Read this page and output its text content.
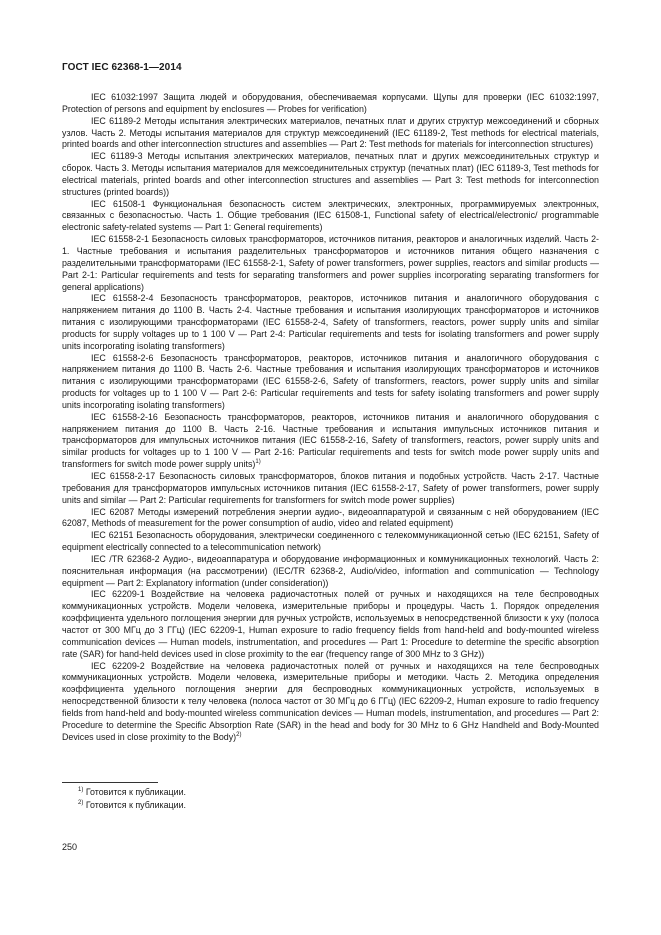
ГОСТ IEC 62368-1—2014

IEC 61032:1997 Защита людей и оборудования, обеспечиваемая корпусами. Щупы для проверки (IEC 61032:1997, Protection of persons and equipment by enclosures — Probes for verification)

IEC 61189-2 Методы испытания электрических материалов, печатных плат и других структур межсоединений и сборных узлов. Часть 2. Методы испытания материалов для структур межсоединений (IEC 61189-2, Test methods for electrical materials, printed boards and other interconnection structures and assemblies — Part 2: Test methods for materials for interconnection structures)

IEC 61189-3 Методы испытания электрических материалов, печатных плат и других межсоединительных структур и сборок. Часть 3. Методы испытания материалов для межсоединительных структур (печатных плат) (IEC 61189-3, Test methods for electrical materials, printed boards and other interconnection structures and assemblies — Part 3: Test methods for interconnection structures (printed boards))

IEC 61508-1 Функциональная безопасность систем электрических, электронных, программируемых электронных, связанных с безопасностью. Часть 1. Общие требования (IEC 61508-1, Functional safety of electrical/electronic/ programmable electronic safety-related systems — Part 1: General requirements)

IEC 61558-2-1 Безопасность силовых трансформаторов, источников питания, реакторов и аналогичных изделий. Часть 2-1. Частные требования и испытания разделительных трансформаторов и источников питания общего назначения с разделительными трансформаторами (IEC 61558-2-1, Safety of power transformers, power supplies, reactors and similar products — Part 2-1: Particular requirements and tests for separating transformers and power supplies incorporating separating transformers for general applications)

IEC 61558-2-4 Безопасность трансформаторов, реакторов, источников питания и аналогичного оборудования с напряжением питания до 1100 В. Часть 2-4. Частные требования и испытания изолирующих трансформаторов и источников питания с изолирующими трансформаторами (IEC 61558-2-4, Safety of transformers, reactors, power supply units and similar products for supply voltages up to 1 100 V — Part 2-4: Particular requirements and tests for isolating transformers and power supply units incorporating isolating transformers)

IEC 61558-2-6 Безопасность трансформаторов, реакторов, источников питания и аналогичного оборудования с напряжением питания до 1100 В. Часть 2-6. Частные требования и испытания изолирующих трансформаторов и источников питания с изолирующими трансформаторами (IEC 61558-2-6, Safety of transformers, reactors, power supply units and similar products for voltages up to 1 100 V — Part 2-6: Particular requirements and tests for safety isolating transformers and power supply units incorporating isolating transformers)

IEC 61558-2-16 Безопасность трансформаторов, реакторов, источников питания и аналогичного оборудования с напряжением питания до 1100 В. Часть 2-16. Частные требования и испытания импульсных источников питания и трансформаторов для импульсных источников питания (IEC 61558-2-16, Safety of transformers, reactors, power supply units and similar products for voltages up to 1 100 V — Part 2-16: Particular requirements and tests for switch mode power supply units and transformers for switch mode power supply units)$^{1)}$

IEC 61558-2-17 Безопасность силовых трансформаторов, блоков питания и подобных устройств. Часть 2-17. Частные требования для трансформаторов импульсных источников питания (IEC 61558-2-17, Safety of power transformers, power supply units and similar — Part 2: Particular requirements for transformers for switch mode power supplies)

IEC 62087 Методы измерений потребления энергии аудио-, видеоаппаратурой и связанным с ней оборудованием (IEC 62087, Methods of measurement for the power consumption of audio, video and related equipment)

IEC 62151 Безопасность оборудования, электрически соединенного с телекоммуникационной сетью (IEC 62151, Safety of equipment electrically connected to a telecommunication network)

IEC /TR 62368-2 Аудио-, видеоаппаратура и оборудование информационных и коммуникационных технологий. Часть 2: пояснительная информация (на рассмотрении) (IEC/TR 62368-2, Audio/video, information and communication — Technology equipment — Part 2: Explanatory information (under consideration))

IEC 62209-1 Воздействие на человека радиочастотных полей от ручных и находящихся на теле беспроводных коммуникационных устройств. Модели человека, измерительные приборы и процедуры. Часть 1. Порядок определения коэффициента удельного поглощения энергии для ручных устройств, используемых в непосредственной близости к уху (полоса частот от 300 МГц до 3 ГГц) (IEC 62209-1, Human exposure to radio frequency fields from hand-held and body-mounted wireless communication devices — Human models, instrumentation, and procedures — Part 1: Procedure to determine the specific absorption rate (SAR) for hand-held devices used in close proximity to the ear (frequency range of 300 MHz to 3 GHz))

IEC 62209-2 Воздействие на человека радиочастотных полей от ручных и находящихся на теле беспроводных коммуникационных устройств. Модели человека, измерительные приборы и методики. Часть 2. Методика определения коэффициента удельного поглощения энергии для беспроводных коммуникационных устройств, используемых в непосредственной близости к телу человека (полоса частот от 30 МГц до 6 ГГц) (IEC 62209-2, Human exposure to radio frequency fields from hand-held and body-mounted wireless communication devices — Human models, instrumentation, and procedures — Part 2: Procedure to determine the Specific Absorption Rate (SAR) in the head and body for 30 MHz to 6 GHz Handheld and Body-Mounted Devices used in close proximity to the Body)$^{2)}$

$^{1)}$ Готовится к публикации.

$^{2)}$ Готовится к публикации.

250
